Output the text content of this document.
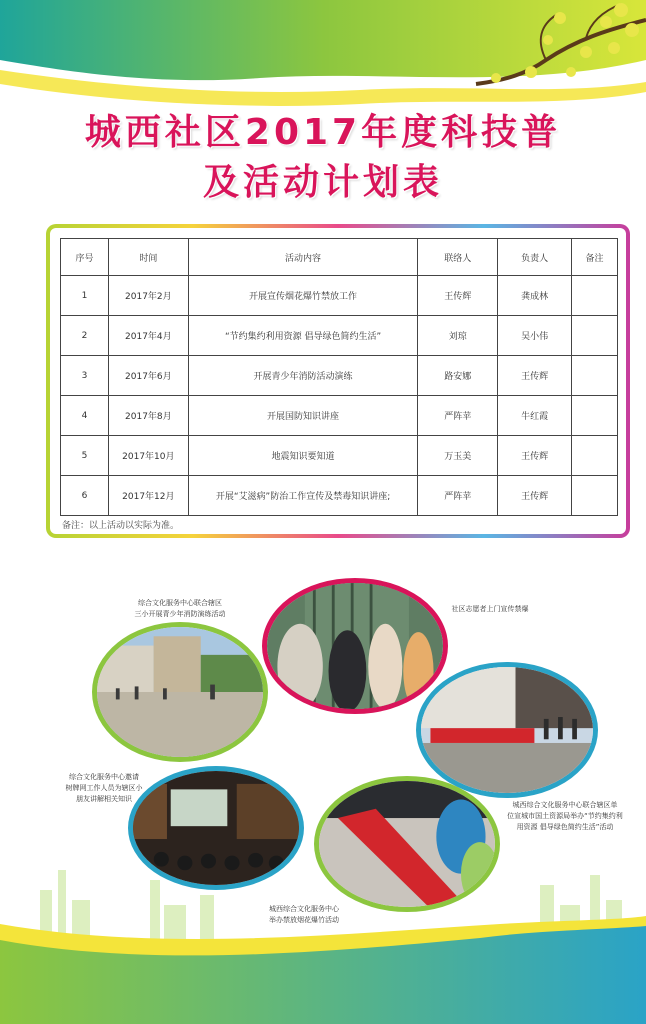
城西社区2017年度科技普
及活动计划表
序号	时间	活动内容	联络人	负责人	备注
1	2017年2月	开展宣传烟花爆竹禁放工作	王传辉	龚成林	
2	2017年4月	“节约集约利用资源 倡导绿色简约生活”	刘琼	吴小伟	
3	2017年6月	开展青少年消防活动演练	路安娜	王传辉	
4	2017年8月	开展国防知识讲座	严阵苹	牛红霞	
5	2017年10月	地震知识要知道	万玉美	王传辉	
6	2017年12月	开展“艾滋病”防治工作宣传及禁毒知识讲座;	严阵苹	王传辉	
备注：以上活动以实际为准。
综合文化服务中心联合辖区
三小开展青少年消防演练活动
社区志愿者上门宣传禁爆
综合文化服务中心邀请
树牌网工作人员为辖区小
朋友讲解相关知识
城西综合文化服务中心联合辖区单
位宣城市国土资源局举办“节约集约利
用资源 倡导绿色简约生活”活动
城西综合文化服务中心
举办禁放烟花爆竹活动
